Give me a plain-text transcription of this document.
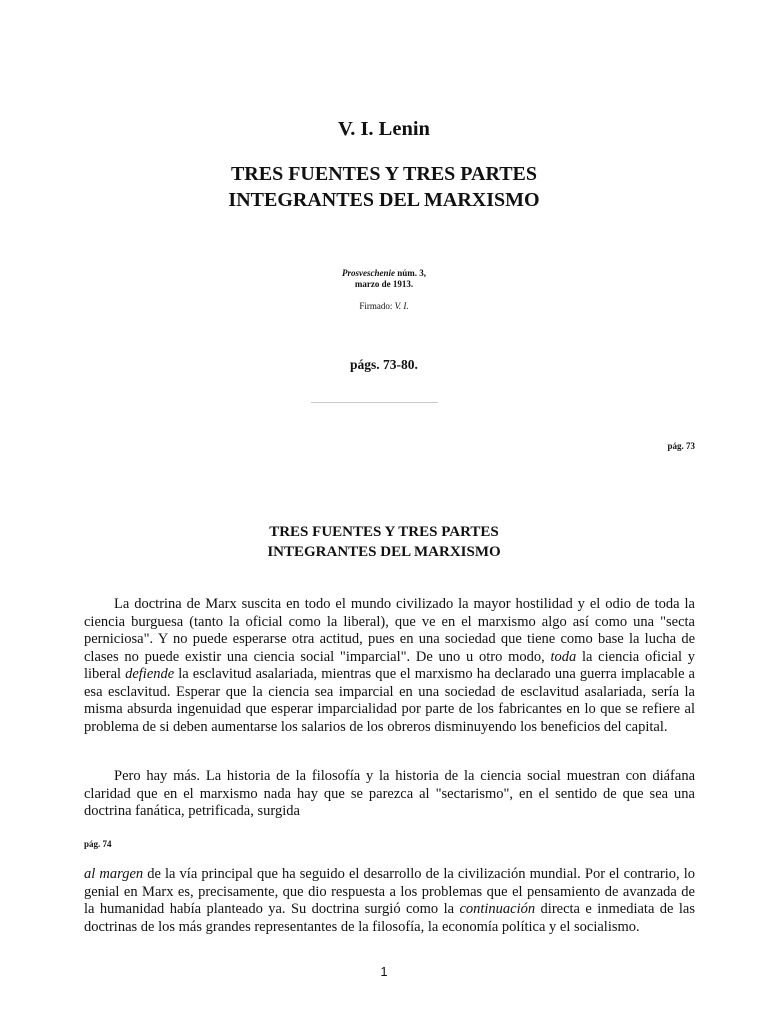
V. I. Lenin
TRES FUENTES Y TRES PARTES
INTEGRANTES DEL MARXISMO
Prosveschenie núm. 3,
marzo de 1913.
Firmado: V. I.
págs. 73-80.
pág. 73
TRES FUENTES Y TRES PARTES
INTEGRANTES DEL MARXISMO

La doctrina de Marx suscita en todo el mundo civilizado la mayor hostilidad y el odio de toda la ciencia burguesa (tanto la oficial como la liberal), que ve en el marxismo algo así como una "secta perniciosa". Y no puede esperarse otra actitud, pues en una sociedad que tiene como base la lucha de clases no puede existir una ciencia social "imparcial". De uno u otro modo, toda la ciencia oficial y liberal defiende la esclavitud asalariada, mientras que el marxismo ha declarado una guerra implacable a esa esclavitud. Esperar que la ciencia sea imparcial en una sociedad de esclavitud asalariada, sería la misma absurda ingenuidad que esperar imparcialidad por parte de los fabricantes en lo que se refiere al problema de si deben aumentarse los salarios de los obreros disminuyendo los beneficios del capital.

Pero hay más. La historia de la filosofía y la historia de la ciencia social muestran con diáfana claridad que en el marxismo nada hay que se parezca al "sectarismo", en el sentido de que sea una doctrina fanática, petrificada, surgida

pág. 74

al margen de la vía principal que ha seguido el desarrollo de la civilización mundial. Por el contrario, lo genial en Marx es, precisamente, que dio respuesta a los problemas que el pensamiento de avanzada de la humanidad había planteado ya. Su doctrina surgió como la continuación directa e inmediata de las doctrinas de los más grandes representantes de la filosofía, la economía política y el socialismo.

1
